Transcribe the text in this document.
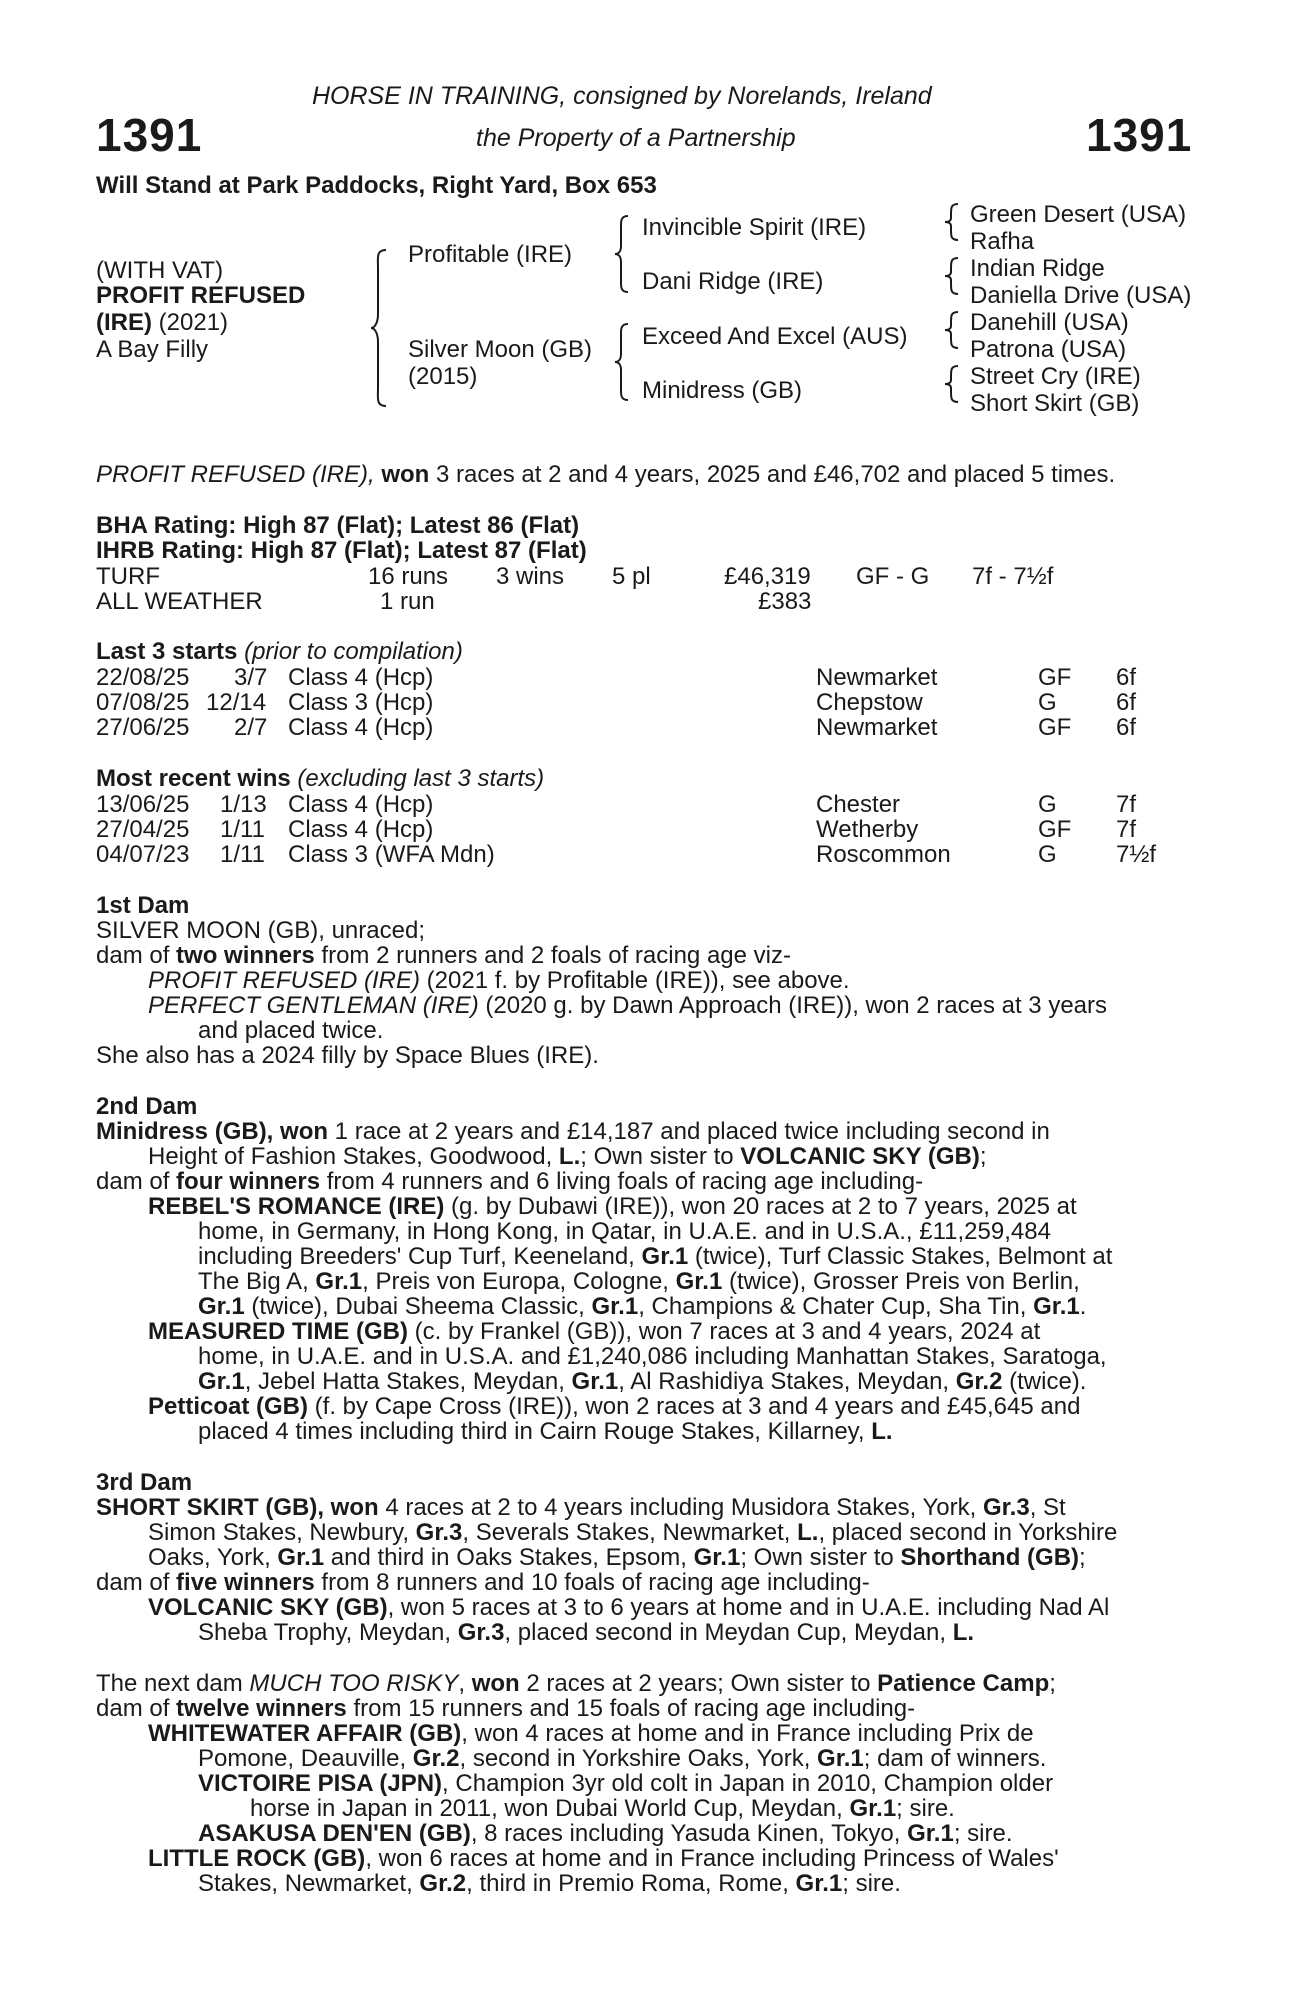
1391	1391
HORSE IN TRAINING, consigned by Norelands, Ireland
the Property of a Partnership
Will Stand at Park Paddocks, Right Yard, Box 653
(WITH VAT)
PROFIT REFUSED
(IRE) (2021)
A Bay Filly
Profitable (IRE)
Silver Moon (GB)
(2015)
Invincible Spirit (IRE)
Dani Ridge (IRE)
Exceed And Excel (AUS)
Minidress (GB)
Green Desert (USA)
Rafha
Indian Ridge
Daniella Drive (USA)
Danehill (USA)
Patrona (USA)
Street Cry (IRE)
Short Skirt (GB)
PROFIT REFUSED (IRE), won 3 races at 2 and 4 years, 2025 and £46,702 and placed 5 times.
BHA Rating: High 87 (Flat); Latest 86 (Flat)
IHRB Rating: High 87 (Flat); Latest 87 (Flat)
TURF	16 runs 3 wins 5 pl	£46,319 GF - G 7f - 7½f
ALL WEATHER	1 run	£383
Last 3 starts (prior to compilation)
22/08/25 3/7 Class 4 (Hcp)	Newmarket	GF 6f
07/08/25 12/14 Class 3 (Hcp)	Chepstow	G 6f
27/06/25 2/7 Class 4 (Hcp)	Newmarket	GF 6f
Most recent wins (excluding last 3 starts)
13/06/25 1/13 Class 4 (Hcp)	Chester	G 7f
27/04/25 1/11 Class 4 (Hcp)	Wetherby	GF 7f
04/07/23 1/11 Class 3 (WFA Mdn)	Roscommon	G 7½f
1st Dam
SILVER MOON (GB), unraced;
dam of two winners from 2 runners and 2 foals of racing age viz-
PROFIT REFUSED (IRE) (2021 f. by Profitable (IRE)), see above.
PERFECT GENTLEMAN (IRE) (2020 g. by Dawn Approach (IRE)), won 2 races at 3 years
and placed twice.
She also has a 2024 filly by Space Blues (IRE).
2nd Dam
Minidress (GB), won 1 race at 2 years and £14,187 and placed twice including second in
Height of Fashion Stakes, Goodwood, L.; Own sister to VOLCANIC SKY (GB);
dam of four winners from 4 runners and 6 living foals of racing age including-
REBEL'S ROMANCE (IRE) (g. by Dubawi (IRE)), won 20 races at 2 to 7 years, 2025 at
home, in Germany, in Hong Kong, in Qatar, in U.A.E. and in U.S.A., £11,259,484
including Breeders' Cup Turf, Keeneland, Gr.1 (twice), Turf Classic Stakes, Belmont at
The Big A, Gr.1, Preis von Europa, Cologne, Gr.1 (twice), Grosser Preis von Berlin,
Gr.1 (twice), Dubai Sheema Classic, Gr.1, Champions & Chater Cup, Sha Tin, Gr.1.
MEASURED TIME (GB) (c. by Frankel (GB)), won 7 races at 3 and 4 years, 2024 at
home, in U.A.E. and in U.S.A. and £1,240,086 including Manhattan Stakes, Saratoga,
Gr.1, Jebel Hatta Stakes, Meydan, Gr.1, Al Rashidiya Stakes, Meydan, Gr.2 (twice).
Petticoat (GB) (f. by Cape Cross (IRE)), won 2 races at 3 and 4 years and £45,645 and
placed 4 times including third in Cairn Rouge Stakes, Killarney, L.
3rd Dam
SHORT SKIRT (GB), won 4 races at 2 to 4 years including Musidora Stakes, York, Gr.3, St
Simon Stakes, Newbury, Gr.3, Severals Stakes, Newmarket, L., placed second in Yorkshire
Oaks, York, Gr.1 and third in Oaks Stakes, Epsom, Gr.1; Own sister to Shorthand (GB);
dam of five winners from 8 runners and 10 foals of racing age including-
VOLCANIC SKY (GB), won 5 races at 3 to 6 years at home and in U.A.E. including Nad Al
Sheba Trophy, Meydan, Gr.3, placed second in Meydan Cup, Meydan, L.
The next dam MUCH TOO RISKY, won 2 races at 2 years; Own sister to Patience Camp;
dam of twelve winners from 15 runners and 15 foals of racing age including-
WHITEWATER AFFAIR (GB), won 4 races at home and in France including Prix de
Pomone, Deauville, Gr.2, second in Yorkshire Oaks, York, Gr.1; dam of winners.
VICTOIRE PISA (JPN), Champion 3yr old colt in Japan in 2010, Champion older
horse in Japan in 2011, won Dubai World Cup, Meydan, Gr.1; sire.
ASAKUSA DEN'EN (GB), 8 races including Yasuda Kinen, Tokyo, Gr.1; sire.
LITTLE ROCK (GB), won 6 races at home and in France including Princess of Wales'
Stakes, Newmarket, Gr.2, third in Premio Roma, Rome, Gr.1; sire.
